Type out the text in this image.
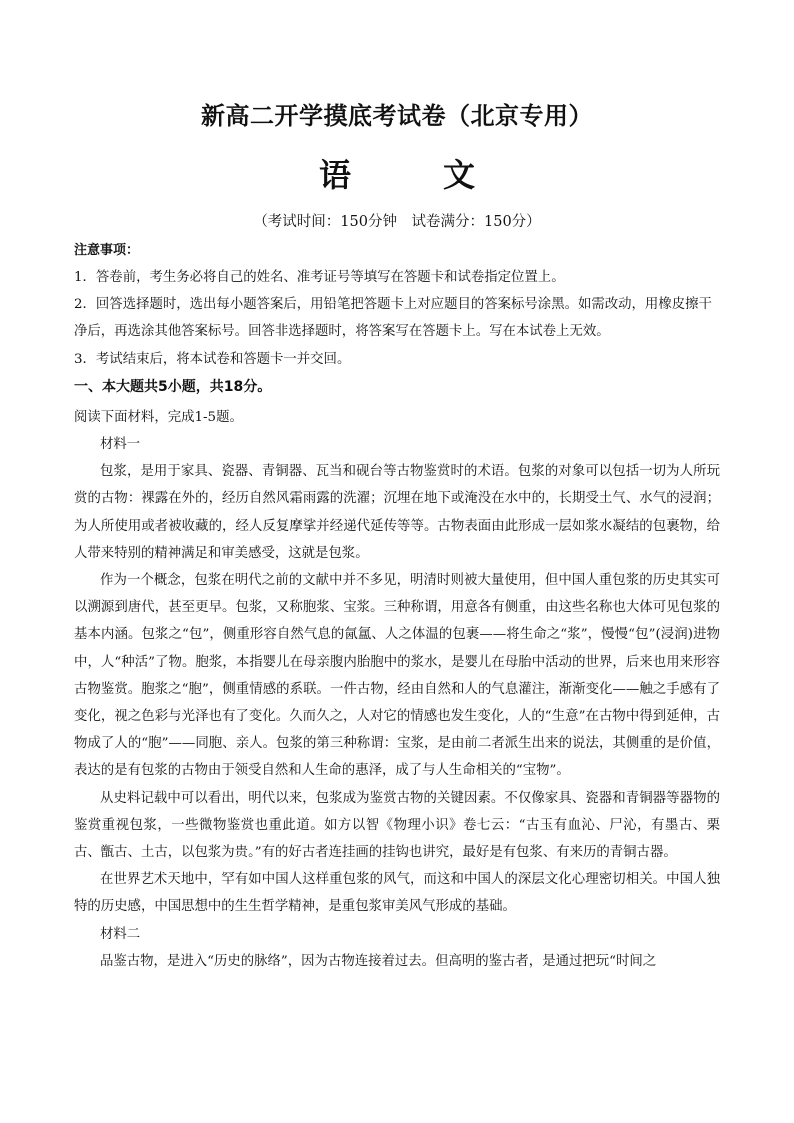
新高二开学摸底考试卷（北京专用）
语　文
（考试时间：150分钟　试卷满分：150分）
注意事项：

1．答卷前，考生务必将自己的姓名、准考证号等填写在答题卡和试卷指定位置上。

2．回答选择题时，选出每小题答案后，用铅笔把答题卡上对应题目的答案标号涂黑。如需改动，用橡皮擦干净后，再选涂其他答案标号。回答非选择题时，将答案写在答题卡上。写在本试卷上无效。

3．考试结束后，将本试卷和答题卡一并交回。

一、本大题共5小题，共18分。
阅读下面材料，完成1-5题。

材料一

包浆，是用于家具、瓷器、青铜器、瓦当和砚台等古物鉴赏时的术语。包浆的对象可以包括一切为人所玩赏的古物：裸露在外的，经历自然风霜雨露的洗濯；沉埋在地下或淹没在水中的，长期受土气、水气的浸润；为人所使用或者被收藏的，经人反复摩挲并经递代延传等等。古物表面由此形成一层如浆水凝结的包裹物，给人带来特别的精神满足和审美感受，这就是包浆。

作为一个概念，包浆在明代之前的文献中并不多见，明清时则被大量使用，但中国人重包浆的历史其实可以溯源到唐代，甚至更早。包浆，又称胞浆、宝浆。三种称谓，用意各有侧重，由这些名称也大体可见包浆的基本内涵。包浆之“包”，侧重形容自然气息的氤氲、人之体温的包裹——将生命之“浆”，慢慢“包”(浸润)进物中，人“种活”了物。胞浆，本指婴儿在母亲腹内胎胞中的浆水，是婴儿在母胎中活动的世界，后来也用来形容古物鉴赏。胞浆之“胞”，侧重情感的系联。一件古物，经由自然和人的气息灌注，渐渐变化——触之手感有了变化，视之色彩与光泽也有了变化。久而久之，人对它的情感也发生变化，人的“生意”在古物中得到延伸，古物成了人的“胞”——同胞、亲人。包浆的第三种称谓：宝浆，是由前二者派生出来的说法，其侧重的是价值，表达的是有包浆的古物由于领受自然和人生命的惠泽，成了与人生命相关的“宝物”。

从史料记载中可以看出，明代以来，包浆成为鉴赏古物的关键因素。不仅像家具、瓷器和青铜器等器物的鉴赏重视包浆，一些微物鉴赏也重此道。如方以智《物理小识》卷七云：“古玉有血沁、尸沁，有墨古、栗古、甑古、土古，以包浆为贵。”有的好古者连挂画的挂钩也讲究，最好是有包浆、有来历的青铜古器。

在世界艺术天地中，罕有如中国人这样重包浆的风气，而这和中国人的深层文化心理密切相关。中国人独特的历史感，中国思想中的生生哲学精神，是重包浆审美风气形成的基础。

材料二

品鉴古物，是进入“历史的脉络”，因为古物连接着过去。但高明的鉴古者，是通过把玩“时间之
